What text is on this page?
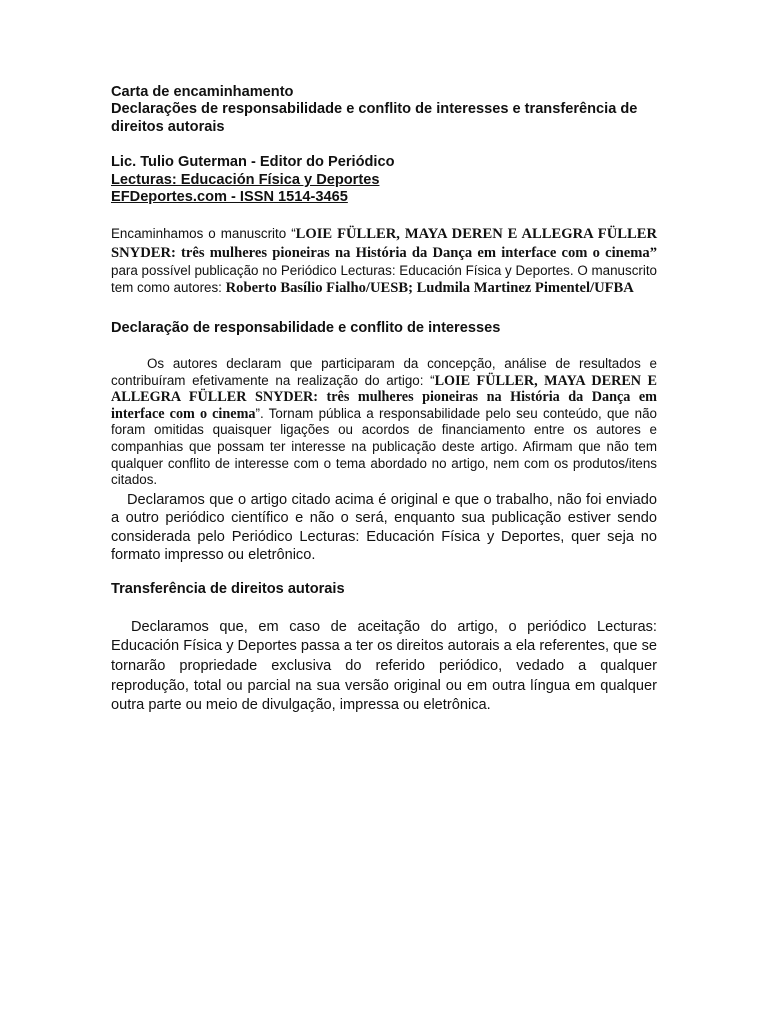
Carta de encaminhamento

Declarações de responsabilidade e conflito de interesses e transferência de direitos autorais

Lic. Tulio Guterman - Editor do Periódico

Lecturas: Educación Física y Deportes

EFDeportes.com - ISSN 1514-3465

Encaminhamos o manuscrito “LOIE FÜLLER, MAYA DEREN E ALLEGRA FÜLLER SNYDER: três mulheres pioneiras na História da Dança em interface com o cinema” para possível publicação no Periódico Lecturas: Educación Física y Deportes. O manuscrito tem como autores: Roberto Basílio Fialho/UESB; Ludmila Martinez Pimentel/UFBA

Declaração de responsabilidade e conflito de interesses

Os autores declaram que participaram da concepção, análise de resultados e contribuíram efetivamente na realização do artigo: “LOIE FÜLLER, MAYA DEREN E ALLEGRA FÜLLER SNYDER: três mulheres pioneiras na História da Dança em interface com o cinema”. Tornam pública a responsabilidade pelo seu conteúdo, que não foram omitidas quaisquer ligações ou acordos de financiamento entre os autores e companhias que possam ter interesse na publicação deste artigo. Afirmam que não tem qualquer conflito de interesse com o tema abordado no artigo, nem com os produtos/itens citados.

Declaramos que o artigo citado acima é original e que o trabalho, não foi enviado a outro periódico científico e não o será, enquanto sua publicação estiver sendo considerada pelo Periódico Lecturas: Educación Física y Deportes, quer seja no formato impresso ou eletrônico.

Transferência de direitos autorais

Declaramos que, em caso de aceitação do artigo, o periódico Lecturas: Educación Física y Deportes passa a ter os direitos autorais a ela referentes, que se tornarão propriedade exclusiva do referido periódico, vedado a qualquer reprodução, total ou parcial na sua versão original ou em outra língua em qualquer outra parte ou meio de divulgação, impressa ou eletrônica.
